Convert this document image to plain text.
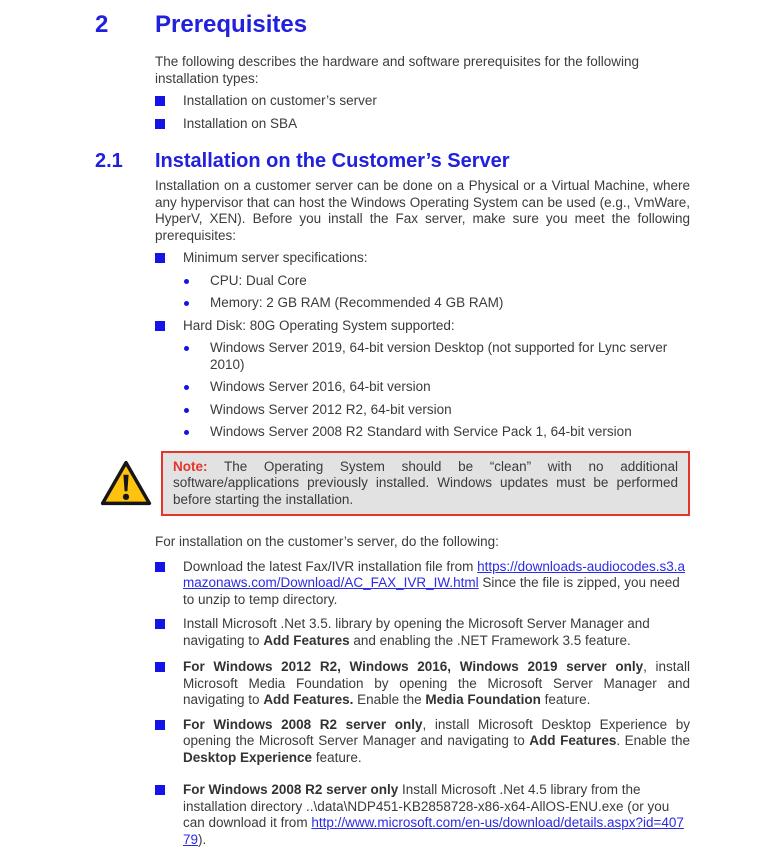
2	Prerequisites

The following describes the hardware and software prerequisites for the following installation types:

Installation on customer’s server
Installation on SBA
2.1	Installation on the Customer’s Server

Installation on a customer server can be done on a Physical or a Virtual Machine, where any hypervisor that can host the Windows Operating System can be used (e.g., VmWare, HyperV, XEN). Before you install the Fax server, make sure you meet the following prerequisites:

Minimum server specifications:
CPU: Dual Core
Memory: 2 GB RAM (Recommended 4 GB RAM)
Hard Disk: 80G Operating System supported:
Windows Server 2019, 64-bit version Desktop (not supported for Lync server 2010)
Windows Server 2016, 64-bit version
Windows Server 2012 R2, 64-bit version
Windows Server 2008 R2 Standard with Service Pack 1, 64-bit version
Note: The Operating System should be “clean” with no additional software/applications previously installed. Windows updates must be performed before starting the installation.

For installation on the customer’s server, do the following:

Download the latest Fax/IVR installation file from https://downloads-audiocodes.s3.amazonaws.com/Download/AC_FAX_IVR_IW.html Since the file is zipped, you need to unzip to temp directory.
Install Microsoft .Net 3.5. library by opening the Microsoft Server Manager and navigating to Add Features and enabling the .NET Framework 3.5 feature.
For Windows 2012 R2, Windows 2016, Windows 2019 server only, install Microsoft Media Foundation by opening the Microsoft Server Manager and navigating to Add Features. Enable the Media Foundation feature.
For Windows 2008 R2 server only, install Microsoft Desktop Experience by opening the Microsoft Server Manager and navigating to Add Features. Enable the Desktop Experience feature.
For Windows 2008 R2 server only Install Microsoft .Net 4.5 library from the installation directory ..\data\NDP451-KB2858728-x86-x64-AllOS-ENU.exe (or you can download it from http://www.microsoft.com/en-us/download/details.aspx?id=40779).
